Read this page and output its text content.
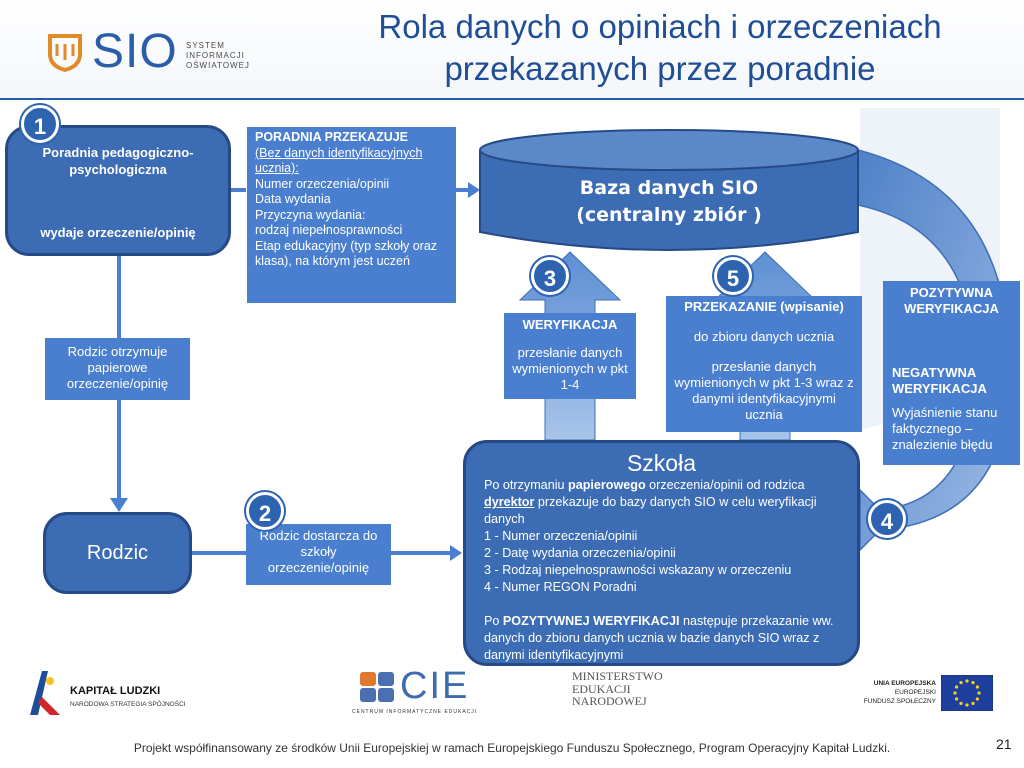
SIO SYSTEM
INFORMACJI
OŚWIATOWEJ
Rola danych o opiniach i orzeczeniach
przekazanych przez poradnie
Baza danych SIO
(centralny zbiór )
Poradnia pedagogiczno-psychologiczna
wydaje orzeczenie/opinię
PORADNIA PRZEKAZUJE
(Bez danych identyfikacyjnych ucznia):
Numer orzeczenia/opinii
Data wydania
Przyczyna wydania:
rodzaj niepełnosprawności
Etap edukacyjny (typ szkoły oraz klasa), na którym jest uczeń
Rodzic otrzymuje papierowe orzeczenie/opinię
Rodzic
Rodzic dostarcza do szkoły orzeczenie/opinię
WERYFIKACJA
przesłanie danych wymienionych w pkt 1-4
PRZEKAZANIE (wpisanie)
do zbioru danych ucznia
przesłanie danych wymienionych w pkt 1-3 wraz z danymi identyfikacyjnymi ucznia
POZYTYWNA WERYFIKACJA
NEGATYWNA WERYFIKACJA
Wyjaśnienie stanu faktycznego – znalezienie błędu
Szkoła
Po otrzymaniu papierowego orzeczenia/opinii od rodzica dyrektor przekazuje do bazy danych SIO w celu weryfikacji danych
1 - Numer orzeczenia/opinii
2 - Datę wydania orzeczenia/opinii
3 - Rodzaj niepełnosprawności wskazany w orzeczeniu
4 - Numer REGON Poradni
Po POZYTYWNEJ WERYFIKACJI następuje przekazanie ww. danych do zbioru danych ucznia w bazie danych SIO wraz z danymi identyfikacyjnymi
1
2
3
4
5
KAPITAŁ LUDZKI
NARODOWA STRATEGIA SPÓJNOŚCI	CIE
CENTRUM INFORMATYCZNE EDUKACJI
MINISTERSTWO
EDUKACJI
NARODOWEJ
UNIA EUROPEJSKA
EUROPEJSKI
FUNDUSZ SPOŁECZNY
Projekt współfinansowany ze środków Unii Europejskiej w ramach Europejskiego Funduszu Społecznego, Program Operacyjny Kapitał Ludzki.	21
